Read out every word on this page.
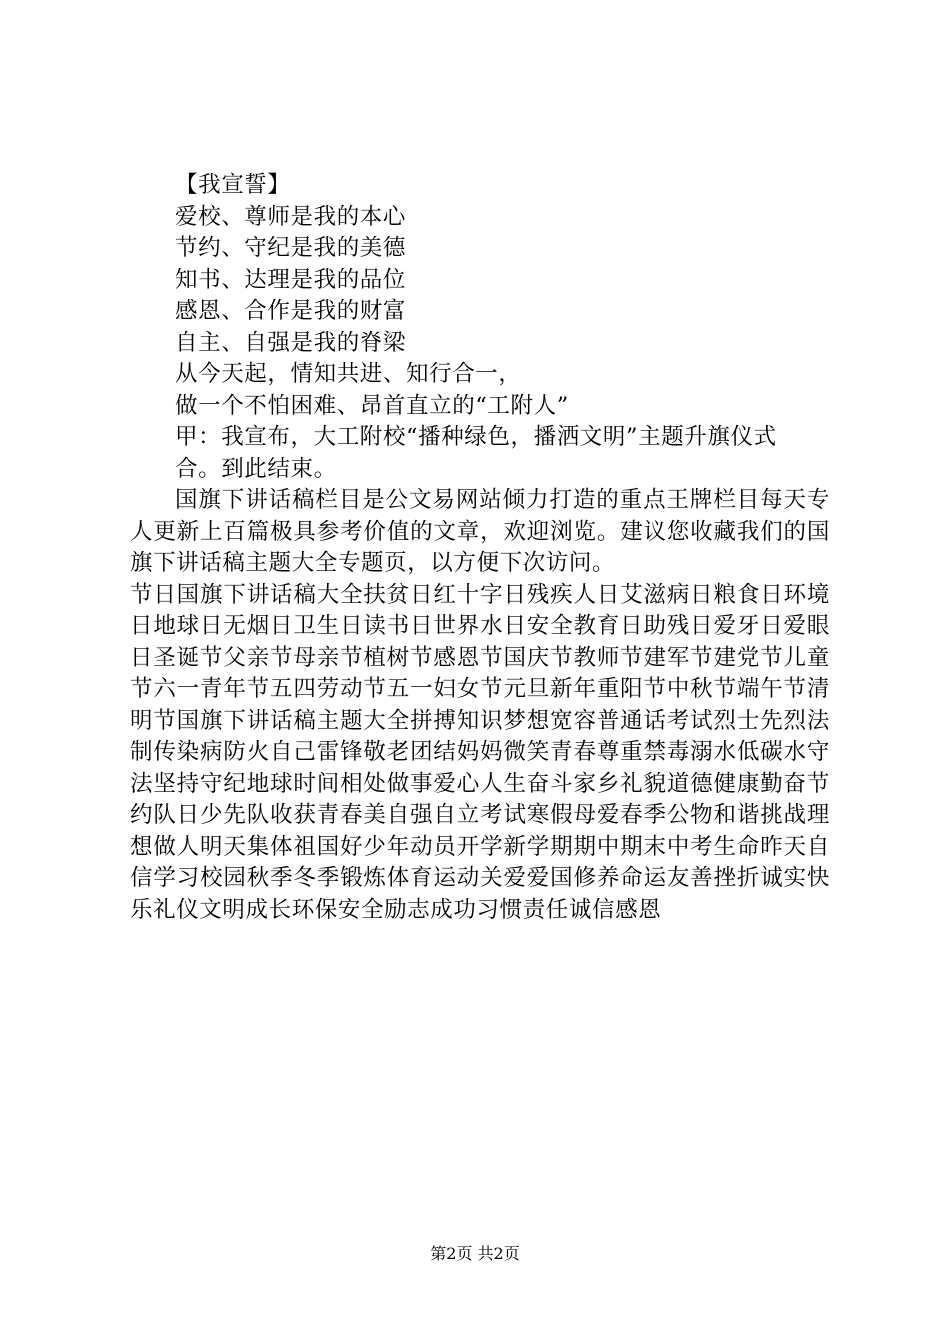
【我宣誓】

爱校、尊师是我的本心

节约、守纪是我的美德

知书、达理是我的品位

感恩、合作是我的财富

自主、自强是我的脊梁

从今天起，情知共进、知行合一，

做一个不怕困难、昂首直立的“工附人”

甲：我宣布，大工附校“播种绿色，播洒文明”主题升旗仪式

合。到此结束。

国旗下讲话稿栏目是公文易网站倾力打造的重点王牌栏目每天专人更新上百篇极具参考价值的文章，欢迎浏览。建议您收藏我们的国旗下讲话稿主题大全专题页，以方便下次访问。

节日国旗下讲话稿大全扶贫日红十字日残疾人日艾滋病日粮食日环境日地球日无烟日卫生日读书日世界水日安全教育日助残日爱牙日爱眼日圣诞节父亲节母亲节植树节感恩节国庆节教师节建军节建党节儿童节六一青年节五四劳动节五一妇女节元旦新年重阳节中秋节端午节清明节国旗下讲话稿主题大全拼搏知识梦想宽容普通话考试烈士先烈法制传染病防火自己雷锋敬老团结妈妈微笑青春尊重禁毒溺水低碳水守法坚持守纪地球时间相处做事爱心人生奋斗家乡礼貌道德健康勤奋节约队日少先队收获青春美自强自立考试寒假母爱春季公物和谐挑战理想做人明天集体祖国好少年动员开学新学期期中期末中考生命昨天自信学习校园秋季冬季锻炼体育运动关爱爱国修养命运友善挫折诚实快乐礼仪文明成长环保安全励志成功习惯责任诚信感恩

第2页 共2页
